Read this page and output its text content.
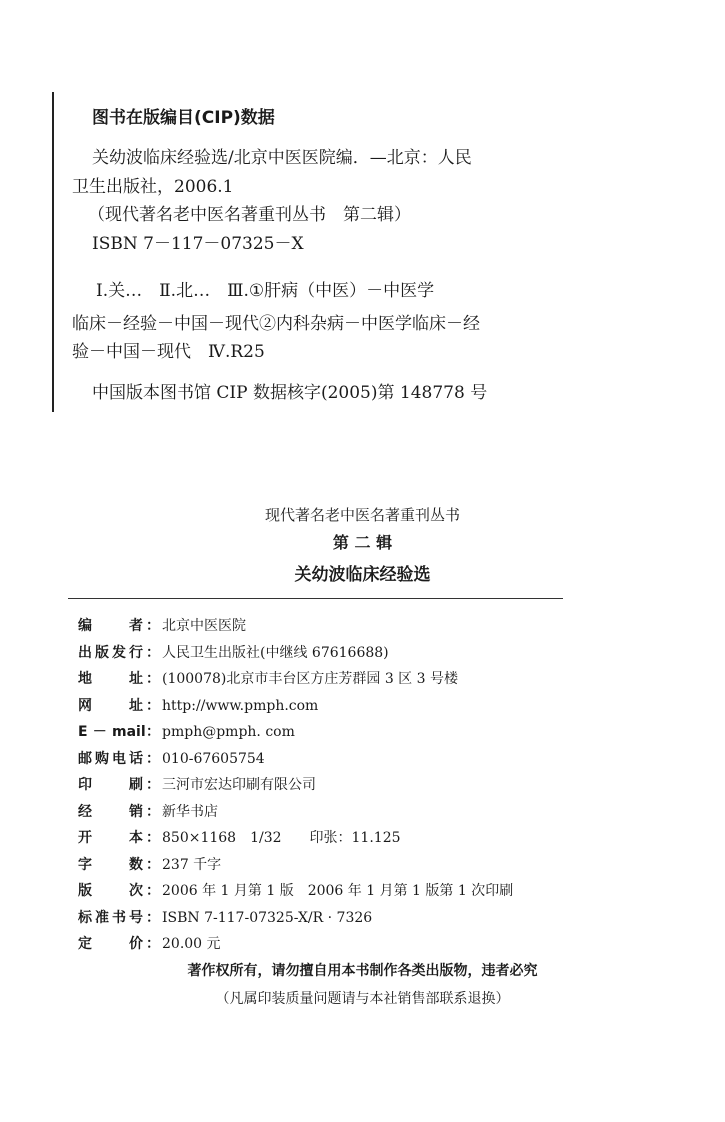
图书在版编目(CIP)数据
关幼波临床经验选/北京中医医院编．—北京：人民
卫生出版社，2006.1
（现代著名老中医名著重刊丛书　第二辑）
ISBN 7－117－07325－X
Ⅰ.关…　Ⅱ.北…　Ⅲ.①肝病（中医）－中医学
临床－经验－中国－现代②内科杂病－中医学临床－经
验－中国－现代　Ⅳ.R25
中国版本图书馆 CIP 数据核字(2005)第 148778 号
现代著名老中医名著重刊丛书
第 二 辑
关幼波临床经验选
编　　者： 北京中医医院
出版发行： 人民卫生出版社(中继线 67616688)
地　　址： (100078)北京市丰台区方庄芳群园 3 区 3 号楼
网　　址： http://www.pmph.com
E － mail： pmph@pmph. com
邮购电话： 010-67605754
印　　刷： 三河市宏达印刷有限公司
经　　销： 新华书店
开　　本： 850×1168　1/32　　印张：11.125
字　　数： 237 千字
版　　次： 2006 年 1 月第 1 版　2006 年 1 月第 1 版第 1 次印刷
标准书号： ISBN 7-117-07325-X/R · 7326
定　　价： 20.00 元
著作权所有，请勿擅自用本书制作各类出版物，违者必究
（凡属印装质量问题请与本社销售部联系退换）
